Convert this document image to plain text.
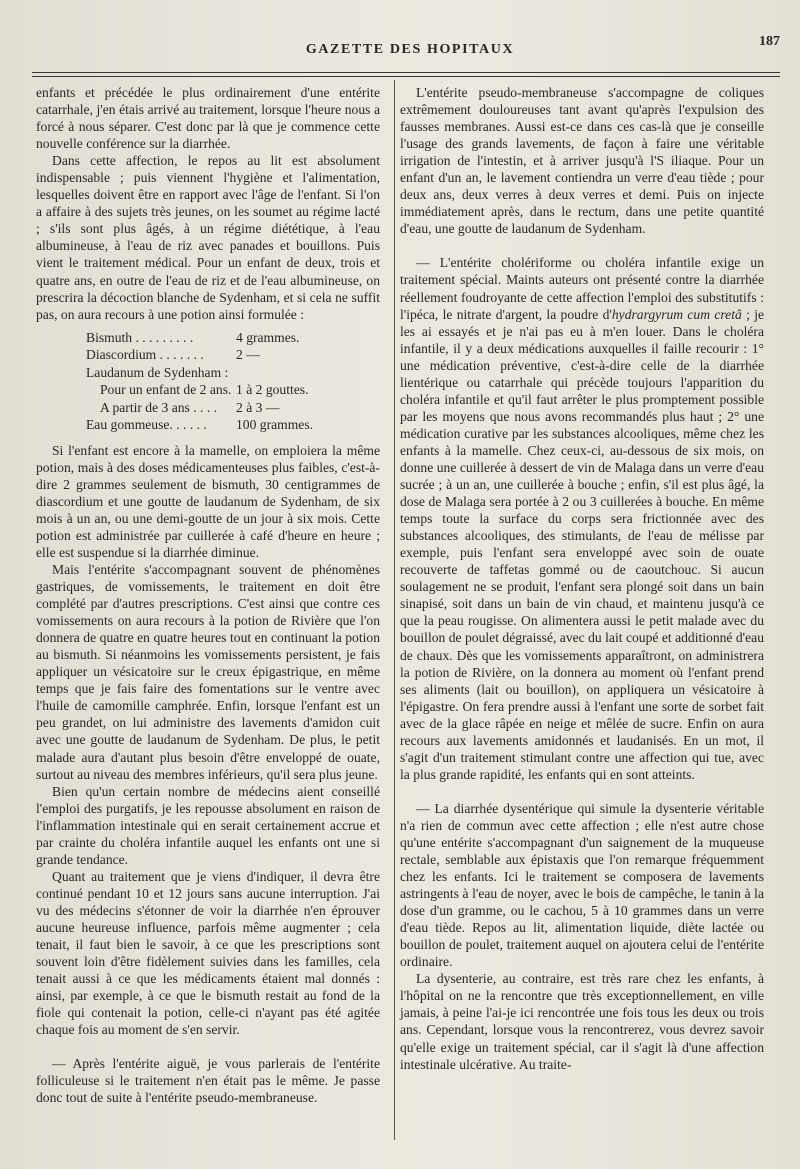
GAZETTE DES HOPITAUX
187

enfants et précédée le plus ordinairement d'une entérite catarrhale, j'en étais arrivé au traitement, lorsque l'heure nous a forcé à nous séparer. C'est donc par là que je commence cette nouvelle conférence sur la diarrhée.

Dans cette affection, le repos au lit est absolument indispensable ; puis viennent l'hygiène et l'alimentation, lesquelles doivent être en rapport avec l'âge de l'enfant. Si l'on a affaire à des sujets très jeunes, on les soumet au régime lacté ; s'ils sont plus âgés, à un régime diététique, à l'eau albumineuse, à l'eau de riz avec panades et bouillons. Puis vient le traitement médical. Pour un enfant de deux, trois et quatre ans, en outre de l'eau de riz et de l'eau albumineuse, on prescrira la décoction blanche de Sydenham, et si cela ne suffit pas, on aura recours à une potion ainsi formulée :

Bismuth . . . . . . . . .	4 grammes.
Diascordium . . . . . . .	2 —
Laudanum de Sydenham :
Pour un enfant de 2 ans. 1 à 2 gouttes.
A partir de 3 ans . . . .	2 à 3 —
Eau gommeuse. . . . . .	100 grammes.

Si l'enfant est encore à la mamelle, on emploiera la même potion, mais à des doses médicamenteuses plus faibles, c'est-à-dire 2 grammes seulement de bismuth, 30 centigrammes de diascordium et une goutte de laudanum de Sydenham, de six mois à un an, ou une demi-goutte de un jour à six mois. Cette potion est administrée par cuillerée à café d'heure en heure ; elle est suspendue si la diarrhée diminue.

Mais l'entérite s'accompagnant souvent de phénomènes gastriques, de vomissements, le traitement en doit être complété par d'autres prescriptions. C'est ainsi que contre ces vomissements on aura recours à la potion de Rivière que l'on donnera de quatre en quatre heures tout en continuant la potion au bismuth. Si néanmoins les vomissements persistent, je fais appliquer un vésicatoire sur le creux épigastrique, en même temps que je fais faire des fomentations sur le ventre avec l'huile de camomille camphrée. Enfin, lorsque l'enfant est un peu grandet, on lui administre des lavements d'amidon cuit avec une goutte de laudanum de Sydenham. De plus, le petit malade aura d'autant plus besoin d'être enveloppé de ouate, surtout au niveau des membres inférieurs, qu'il sera plus jeune.

Bien qu'un certain nombre de médecins aient conseillé l'emploi des purgatifs, je les repousse absolument en raison de l'inflammation intestinale qui en serait certainement accrue et par crainte du choléra infantile auquel les enfants ont une si grande tendance.

Quant au traitement que je viens d'indiquer, il devra être continué pendant 10 et 12 jours sans aucune interruption. J'ai vu des médecins s'étonner de voir la diarrhée n'en éprouver aucune heureuse influence, parfois même augmenter ; cela tenait, il faut bien le savoir, à ce que les prescriptions sont souvent loin d'être fidèlement suivies dans les familles, cela tenait aussi à ce que les médicaments étaient mal donnés : ainsi, par exemple, à ce que le bismuth restait au fond de la fiole qui contenait la potion, celle-ci n'ayant pas été agitée chaque fois au moment de s'en servir.

— Après l'entérite aiguë, je vous parlerais de l'entérite folliculeuse si le traitement n'en était pas le même. Je passe donc tout de suite à l'entérite pseudo-membraneuse.

L'entérite pseudo-membraneuse s'accompagne de coliques extrêmement douloureuses tant avant qu'après l'expulsion des fausses membranes. Aussi est-ce dans ces cas-là que je conseille l'usage des grands lavements, de façon à faire une véritable irrigation de l'intestin, et à arriver jusqu'à l'S iliaque. Pour un enfant d'un an, le lavement contiendra un verre d'eau tiède ; pour deux ans, deux verres à deux verres et demi. Puis on injecte immédiatement après, dans le rectum, dans une petite quantité d'eau, une goutte de laudanum de Sydenham.

— L'entérite cholériforme ou choléra infantile exige un traitement spécial. Maints auteurs ont présenté contre la diarrhée réellement foudroyante de cette affection l'emploi des substitutifs : l'ipéca, le nitrate d'argent, la poudre d'hydrargyrum cum cretâ ; je les ai essayés et je n'ai pas eu à m'en louer. Dans le choléra infantile, il y a deux médications auxquelles il faille recourir : 1° une médication préventive, c'est-à-dire celle de la diarrhée lientérique ou catarrhale qui précède toujours l'apparition du choléra infantile et qu'il faut arrêter le plus promptement possible par les moyens que nous avons recommandés plus haut ; 2° une médication curative par les substances alcooliques, même chez les enfants à la mamelle. Chez ceux-ci, au-dessous de six mois, on donne une cuillerée à dessert de vin de Malaga dans un verre d'eau sucrée ; à un an, une cuillerée à bouche ; enfin, s'il est plus âgé, la dose de Malaga sera portée à 2 ou 3 cuillerées à bouche. En même temps toute la surface du corps sera frictionnée avec des substances alcooliques, des stimulants, de l'eau de mélisse par exemple, puis l'enfant sera enveloppé avec soin de ouate recouverte de taffetas gommé ou de caoutchouc. Si aucun soulagement ne se produit, l'enfant sera plongé soit dans un bain sinapisé, soit dans un bain de vin chaud, et maintenu jusqu'à ce que la peau rougisse. On alimentera aussi le petit malade avec du bouillon de poulet dégraissé, avec du lait coupé et additionné d'eau de chaux. Dès que les vomissements apparaîtront, on administrera la potion de Rivière, on la donnera au moment où l'enfant prend ses aliments (lait ou bouillon), on appliquera un vésicatoire à l'épigastre. On fera prendre aussi à l'enfant une sorte de sorbet fait avec de la glace râpée en neige et mêlée de sucre. Enfin on aura recours aux lavements amidonnés et laudanisés. En un mot, il s'agit d'un traitement stimulant contre une affection qui tue, avec la plus grande rapidité, les enfants qui en sont atteints.

— La diarrhée dysentérique qui simule la dysenterie véritable n'a rien de commun avec cette affection ; elle n'est autre chose qu'une entérite s'accompagnant d'un saignement de la muqueuse rectale, semblable aux épistaxis que l'on remarque fréquemment chez les enfants. Ici le traitement se composera de lavements astringents à l'eau de noyer, avec le bois de campêche, le tanin à la dose d'un gramme, ou le cachou, 5 à 10 grammes dans un verre d'eau tiède. Repos au lit, alimentation liquide, diète lactée ou bouillon de poulet, traitement auquel on ajoutera celui de l'entérite ordinaire.

La dysenterie, au contraire, est très rare chez les enfants, à l'hôpital on ne la rencontre que très exceptionnellement, en ville jamais, à peine l'ai-je ici rencontrée une fois tous les deux ou trois ans. Cependant, lorsque vous la rencontrerez, vous devrez savoir qu'elle exige un traitement spécial, car il s'agit là d'une affection intestinale ulcérative. Au traite-
